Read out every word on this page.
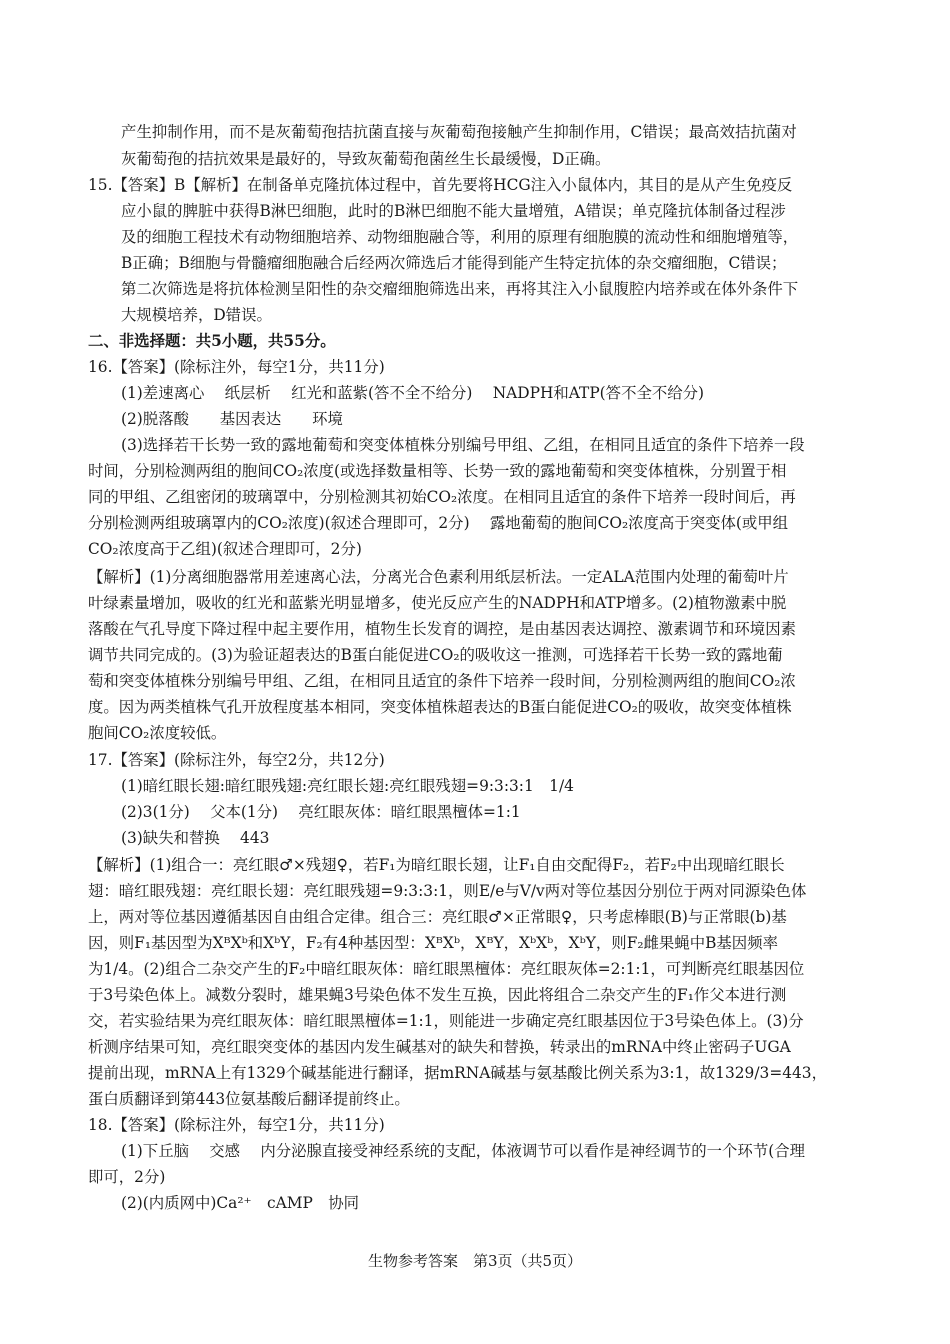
产生抑制作用，而不是灰葡萄孢拮抗菌直接与灰葡萄孢接触产生抑制作用，C错误；最高效拮抗菌对
灰葡萄孢的拮抗效果是最好的，导致灰葡萄孢菌丝生长最缓慢，D正确。
15.【答案】B【解析】在制备单克隆抗体过程中，首先要将HCG注入小鼠体内，其目的是从产生免疫反
应小鼠的脾脏中获得B淋巴细胞，此时的B淋巴细胞不能大量增殖，A错误；单克隆抗体制备过程涉
及的细胞工程技术有动物细胞培养、动物细胞融合等，利用的原理有细胞膜的流动性和细胞增殖等，
B正确；B细胞与骨髓瘤细胞融合后经两次筛选后才能得到能产生特定抗体的杂交瘤细胞，C错误；
第二次筛选是将抗体检测呈阳性的杂交瘤细胞筛选出来，再将其注入小鼠腹腔内培养或在体外条件下
大规模培养，D错误。
二、非选择题：共5小题，共55分。
16.【答案】(除标注外，每空1分，共11分)
(1)差速离心　 纸层析　 红光和蓝紫(答不全不给分)　 NADPH和ATP(答不全不给分)
(2)脱落酸　　基因表达　　环境
(3)选择若干长势一致的露地葡萄和突变体植株分别编号甲组、乙组，在相同且适宜的条件下培养一段
时间，分别检测两组的胞间CO₂浓度(或选择数量相等、长势一致的露地葡萄和突变体植株，分别置于相
同的甲组、乙组密闭的玻璃罩中，分别检测其初始CO₂浓度。在相同且适宜的条件下培养一段时间后，再
分别检测两组玻璃罩内的CO₂浓度)(叙述合理即可，2分)　 露地葡萄的胞间CO₂浓度高于突变体(或甲组
CO₂浓度高于乙组)(叙述合理即可，2分)
【解析】(1)分离细胞器常用差速离心法，分离光合色素利用纸层析法。一定ALA范围内处理的葡萄叶片
叶绿素量增加，吸收的红光和蓝紫光明显增多，使光反应产生的NADPH和ATP增多。(2)植物激素中脱
落酸在气孔导度下降过程中起主要作用，植物生长发育的调控，是由基因表达调控、激素调节和环境因素
调节共同完成的。(3)为验证超表达的B蛋白能促进CO₂的吸收这一推测，可选择若干长势一致的露地葡
萄和突变体植株分别编号甲组、乙组，在相同且适宜的条件下培养一段时间，分别检测两组的胞间CO₂浓
度。因为两类植株气孔开放程度基本相同，突变体植株超表达的B蛋白能促进CO₂的吸收，故突变体植株
胞间CO₂浓度较低。
17.【答案】(除标注外，每空2分，共12分)
(1)暗红眼长翅:暗红眼残翅:亮红眼长翅:亮红眼残翅=9:3:3:1　1/4
(2)3(1分)　 父本(1分)　 亮红眼灰体：暗红眼黑檀体=1:1
(3)缺失和替换　 443
【解析】(1)组合一：亮红眼♂×残翅♀，若F₁为暗红眼长翅，让F₁自由交配得F₂，若F₂中出现暗红眼长
翅：暗红眼残翅：亮红眼长翅：亮红眼残翅=9:3:3:1，则E/e与V/v两对等位基因分别位于两对同源染色体
上，两对等位基因遵循基因自由组合定律。组合三：亮红眼♂×正常眼♀，只考虑棒眼(B)与正常眼(b)基
因，则F₁基因型为XᴮXᵇ和XᵇY，F₂有4种基因型：XᴮXᵇ，XᴮY，XᵇXᵇ，XᵇY，则F₂雌果蝇中B基因频率
为1/4。(2)组合二杂交产生的F₂中暗红眼灰体：暗红眼黑檀体：亮红眼灰体=2:1:1，可判断亮红眼基因位
于3号染色体上。减数分裂时，雄果蝇3号染色体不发生互换，因此将组合二杂交产生的F₁作父本进行测
交，若实验结果为亮红眼灰体：暗红眼黑檀体=1:1，则能进一步确定亮红眼基因位于3号染色体上。(3)分
析测序结果可知，亮红眼突变体的基因内发生碱基对的缺失和替换，转录出的mRNA中终止密码子UGA
提前出现，mRNA上有1329个碱基能进行翻译，据mRNA碱基与氨基酸比例关系为3:1，故1329/3=443，
蛋白质翻译到第443位氨基酸后翻译提前终止。
18.【答案】(除标注外，每空1分，共11分)
(1)下丘脑　 交感　 内分泌腺直接受神经系统的支配，体液调节可以看作是神经调节的一个环节(合理
即可，2分)
(2)(内质网中)Ca²⁺　cAMP　协同
生物参考答案　第3页（共5页）
